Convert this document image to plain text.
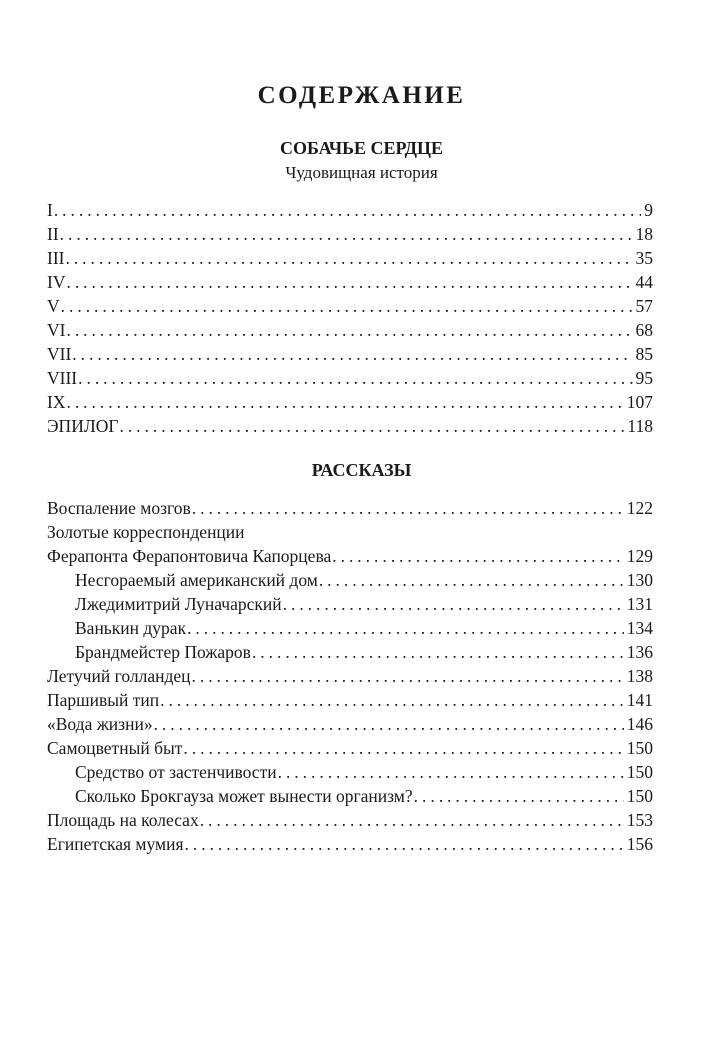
СОДЕРЖАНИЕ
СОБАЧЬЕ СЕРДЦЕ
Чудовищная история
I . . .	9
II . . .	18
III . . .	35
IV . . .	44
V . . .	57
VI . . .	68
VII . . .	85
VIII . . .	95
IX . . .	107
ЭПИЛОГ . . .	118
РАССКАЗЫ
Воспаление мозгов . . .	122
Золотые корреспонденции
Ферапонта Ферапонтовича Капорцева . . .	129
Несгораемый американский дом . . .	130
Лжедимитрий Луначарский . . .	131
Ванькин дурак . . .	134
Брандмейстер Пожаров . . .	136
Летучий голландец . . .	138
Паршивый тип . . .	141
«Вода жизни» . . .	146
Самоцветный быт . . .	150
Средство от застенчивости . . .	150
Сколько Брокгауза может вынести организм? . . .	150
Площадь на колесах . . .	153
Египетская мумия . . .	156
